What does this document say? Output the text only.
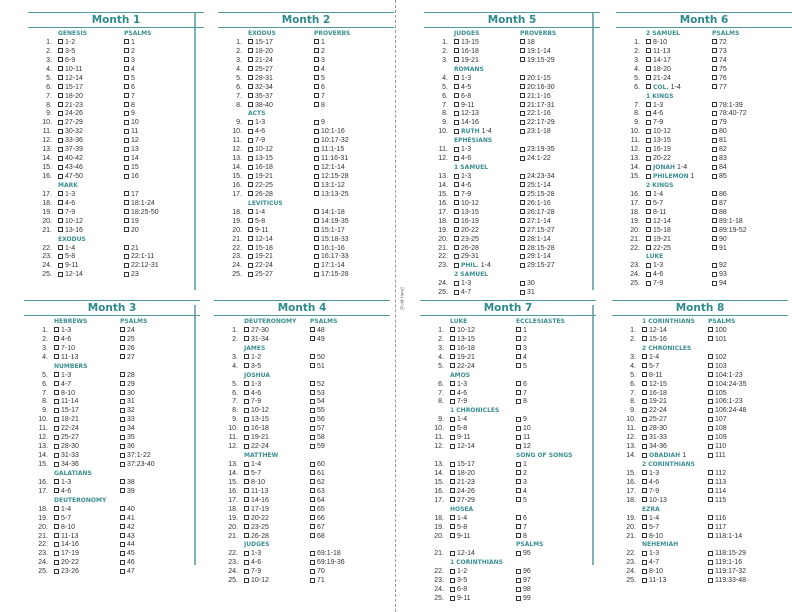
[Fold Here]
Month 1
GENESIS	PSALMS
1.	1-2	1
2.	3-5	2
3.	6-9	3
4.	10-11	4
5.	12-14	5
6.	15-17	6
7.	18-20	7
8.	21-23	8
9.	24-26	9
10.	27-29	10
11.	30-32	11
12.	33-36	12
13.	37-39	13
14.	40-42	14
15.	43-46	15
16.	47-50	16
MARK
17.	1-3	17
18.	4-6	18:1-24
19.	7-9	18:25-50
20.	10-12	19
21.	13-16	20
EXODUS
22.	1-4	21
23.	5-8	22:1-11
24.	9-11	22:12-31
25.	12-14	23
Month 2
EXODUS	PROVERBS
1.	15-17	1
2.	18-20	2
3.	21-24	3
4.	25-27	4
5.	28-31	5
6.	32-34	6
7.	35-37	7
8.	38-40	8
ACTS
9.	1-3	9
10.	4-6	10:1-16
11.	7-9	10:17-32
12.	10-12	11:1-15
13.	13-15	11:16-31
14.	16-18	12:1-14
15.	19-21	12:15-28
16.	22-25	13:1-12
17.	26-28	13:13-25
LEVITICUS
18.	1-4	14:1-18
19.	5-8	14:19-35
20.	9-11	15:1-17
21.	12-14	15:18-33
22.	15-18	16:1-16
23.	19-21	16:17-33
24.	22-24	17:1-14
25.	25-27	17:15-28
Month 3
HEBREWS	PSALMS
1.	1-3	24
2.	4-6	25
3.	7-10	26
4.	11-13	27
NUMBERS
5.	1-3	28
6.	4-7	29
7.	8-10	30
8.	11-14	31
9.	15-17	32
10.	18-21	33
11.	22-24	34
12.	25-27	35
13.	28-30	36
14.	31-33	37:1-22
15.	34-36	37:23-40
GALATIANS
16.	1-3	38
17.	4-6	39
DEUTERONOMY
18.	1-4	40
19.	5-7	41
20.	8-10	42
21.	11-13	43
22.	14-16	44
23.	17-19	45
24.	20-22	46
25.	23-26	47
Month 4
DEUTERONOMY	PSALMS
1.	27-30	48
2.	31-34	49
JAMES
3.	1-2	50
4.	3-5	51
JOSHUA
5.	1-3	52
6.	4-6	53
7.	7-9	54
8.	10-12	55
9.	13-15	56
10.	16-18	57
11.	19-21	58
12.	22-24	59
MATTHEW
13.	1-4	60
14.	5-7	61
15.	8-10	62
16.	11-13	63
17.	14-16	64
18.	17-19	65
19.	20-22	66
20.	23-25	67
21.	26-28	68
JUDGES
22.	1-3	69:1-18
23.	4-6	69:19-36
24.	7-9	70
25.	10-12	71
Month 5
JUDGES	PROVERBS
1.	13-15	18
2.	16-18	19:1-14
3.	19-21	19:15-29
ROMANS
4.	1-3	20:1-15
5.	4-5	20:16-30
6.	6-8	21:1-16
7.	9-11	21:17-31
8.	12-13	22:1-16
9.	14-16	22:17-29
10.	RUTH 1-4	23:1-18
EPHESIANS
11.	1-3	23:19-35
12.	4-6	24:1-22
1 SAMUEL
13.	1-3	24:23-34
14.	4-6	25:1-14
15.	7-9	25:15-28
16.	10-12	26:1-16
17.	13-15	26:17-28
18.	16-19	27:1-14
19.	20-22	27:15-27
20.	23-25	28:1-14
21.	26-28	28:15-28
22.	29-31	29:1-14
23.	PHIL. 1-4	29:15-27
2 SAMUEL
24.	1-3	30
25.	4-7	31
Month 6
2 SAMUEL	PSALMS
1.	8-10	72
2.	11-13	73
3.	14-17	74
4.	18-20	75
5.	21-24	76
6.	COL. 1-4	77
1 KINGS
7.	1-3	78:1-39
8.	4-6	78:40-72
9.	7-9	79
10.	10-12	80
11.	13-15	81
12.	16-19	82
13.	20-22	83
14.	JONAH 1-4	84
15.	PHILEMON 1	85
2 KINGS
16.	1-4	86
17.	5-7	87
18.	8-11	88
19.	12-14	89:1-18
20.	15-18	89:19-52
21.	19-21	90
22.	22-25	91
LUKE
23.	1-3	92
24.	4-6	93
25.	7-9	94
Month 7
LUKE	ECCLESIASTES
1.	10-12	1
2.	13-15	2
3.	16-18	3
4.	19-21	4
5.	22-24	5
AMOS
6.	1-3	6
7.	4-6	7
8.	7-9	8
1 CHRONICLES
9.	1-4	9
10.	5-8	10
11.	9-11	11
12.	12-14	12
SONG OF SONGS
13.	15-17	1
14.	18-20	2
15.	21-23	3
16.	24-26	4
17.	27-29	5
HOSEA
18.	1-4	6
19.	5-8	7
20.	9-11	8
PSALMS
21.	12-14	95
1 CORINTHIANS
22.	1-2	96
23.	3-5	97
24.	6-8	98
25.	9-11	99
Month 8
1 CORINTHIANS	PSALMS
1.	12-14	100
2.	15-16	101
2 CHRONICLES
3.	1-4	102
4.	5-7	103
5.	8-11	104:1-23
6.	12-15	104:24-35
7.	16-18	105
8.	19-21	106:1-23
9.	22-24	106:24-48
10.	25-27	107
11.	28-30	108
12.	31-33	109
13.	34-36	110
14.	OBADIAH 1	111
2 CORINTHIANS
15.	1-3	112
16.	4-6	113
17.	7-9	114
18.	10-13	115
EZRA
19.	1-4	116
20.	5-7	117
21.	8-10	118:1-14
NEHEMIAH
22.	1-3	118:15-29
23.	4-7	119:1-16
24.	8-10	119:17-32
25.	11-13	119:33-48
